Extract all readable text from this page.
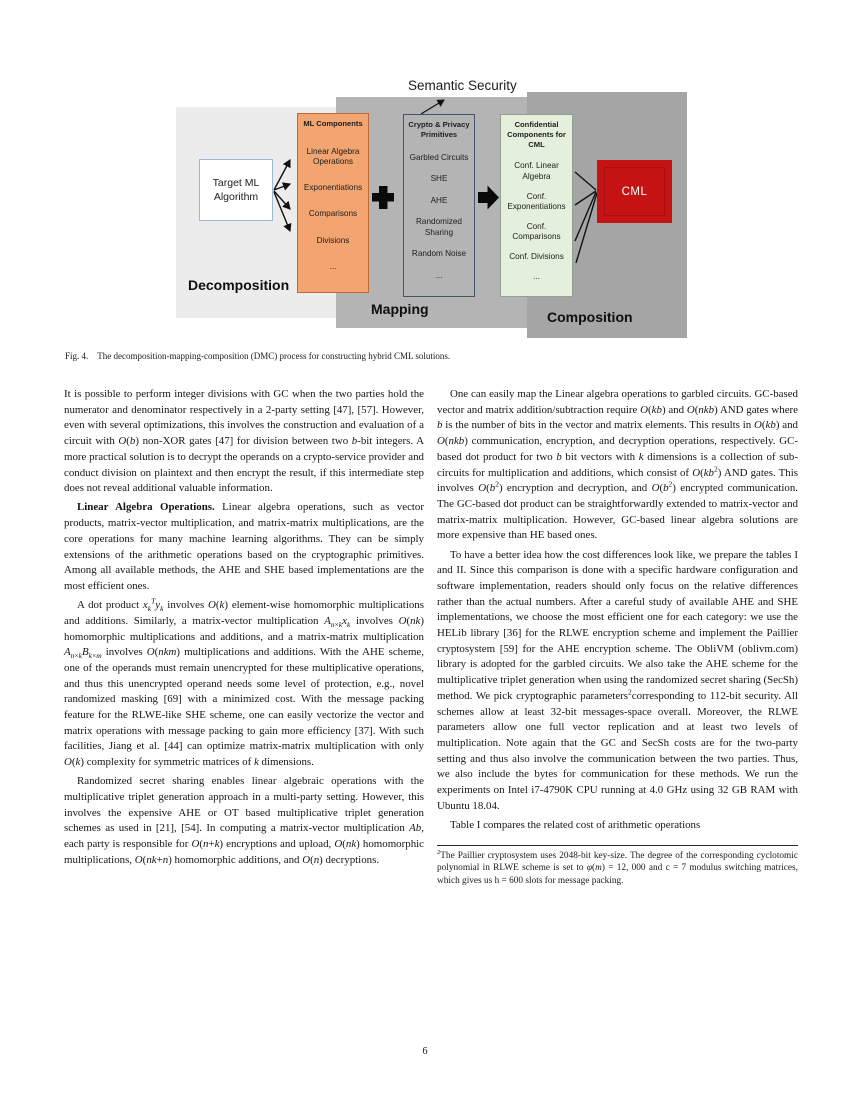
Semantic Security
Target ML Algorithm
ML Components
Linear Algebra Operations
Exponentiations
Comparisons
Divisions
...
Crypto & Privacy Primitives
Garbled Circuits
SHE
AHE
Randomized Sharing
Random Noise
...
Confidential Components for CML
Conf. Linear Algebra
Conf. Exponentiations
Conf. Comparisons
Conf. Divisions
...
CML
Decomposition
Mapping	Composition
Fig. 4. The decomposition-mapping-composition (DMC) process for constructing hybrid CML solutions.

It is possible to perform integer divisions with GC when the two parties hold the numerator and denominator respectively in a 2-party setting [47], [57]. However, even with several optimizations, this involves the construction and evaluation of a circuit with O(b) non-XOR gates [47] for division between two b-bit integers. A more practical solution is to decrypt the operands on a crypto-service provider and conduct division on plaintext and then encrypt the result, if this intermediate step does not reveal additional valuable information.

Linear Algebra Operations. Linear algebra operations, such as vector products, matrix-vector multiplication, and matrix-matrix multiplications, are the core operations for many machine learning algorithms. They can be simply extensions of the arithmetic operations based on the cryptographic primitives. Among all available methods, the AHE and SHE based implementations are the most efficient ones.

A dot product $x_k^Ty_k$ involves O(k) element-wise homomorphic multiplications and additions. Similarly, a matrix-vector multiplication $A_{n\times k}x_k$ involves O(nk) homomorphic multiplications and additions, and a matrix-matrix multiplication $A_{n\times k}B_{k\times m}$ involves O(nkm) multiplications and additions. With the AHE scheme, one of the operands must remain unencrypted for these multiplicative operations, and thus this unencrypted operand needs some level of protection, e.g., novel randomized masking [69] with a minimized cost. With the message packing feature for the RLWE-like SHE scheme, one can easily vectorize the vector and matrix operations with message packing to gain more efficiency [37]. With such facilities, Jiang et al. [44] can optimize matrix-matrix multiplication with only O(k) complexity for symmetric matrices of k dimensions.

Randomized secret sharing enables linear algebraic operations with the multiplicative triplet generation approach in a multi-party setting. However, this involves the expensive AHE or OT based multiplicative triplet generation schemes as used in [21], [54]. In computing a matrix-vector multiplication Ab, each party is responsible for O(n+k) encryptions and upload, O(nk) homomorphic multiplications, O(nk+n) homomorphic additions, and O(n) decryptions.

One can easily map the Linear algebra operations to garbled circuits. GC-based vector and matrix addition/subtraction require O(kb) and O(nkb) AND gates where b is the number of bits in the vector and matrix elements. This results in O(kb) and O(nkb) communication, encryption, and decryption operations, respectively. GC-based dot product for two b bit vectors with k dimensions is a collection of sub-circuits for multiplication and additions, which consist of $O(kb^2)$ AND gates. This involves $O(b^2)$ encryption and decryption, and $O(b^2)$ encrypted communication. The GC-based dot product can be straightforwardly extended to matrix-vector and matrix-matrix multiplication. However, GC-based linear algebra solutions are more expensive than HE based ones.

To have a better idea how the cost differences look like, we prepare the tables I and II. Since this comparison is done with a specific hardware configuration and software implementation, readers should only focus on the relative differences rather than the actual numbers. After a careful study of available AHE and SHE implementations, we choose the most efficient one for each category: we use the HELib library [36] for the RLWE encryption scheme and implement the Paillier cryptosystem [59] for the AHE encryption scheme. The ObliVM (oblivm.com) library is adopted for the garbled circuits. We also take the AHE scheme for the multiplicative triplet generation when using the randomized secret sharing (SecSh) method. We pick cryptographic parameters$^2$corresponding to 112-bit security. All schemes allow at least 32-bit messages-space overall. Moreover, the RLWE parameters allow one full vector replication and at least two levels of multiplication. Note again that the GC and SecSh costs are for the two-party setting and thus also involve the communication between the two parties. Thus, we also include the bytes for communication for these methods. We run the experiments on Intel i7-4790K CPU running at 4.0 GHz using 32 GB RAM with Ubuntu 18.04.

Table I compares the related cost of arithmetic operations

$^2$The Paillier cryptosystem uses 2048-bit key-size. The degree of the corresponding cyclotomic polynomial in RLWE scheme is set to φ(m) = 12, 000 and c = 7 modulus switching matrices, which gives us h = 600 slots for message packing.
6
